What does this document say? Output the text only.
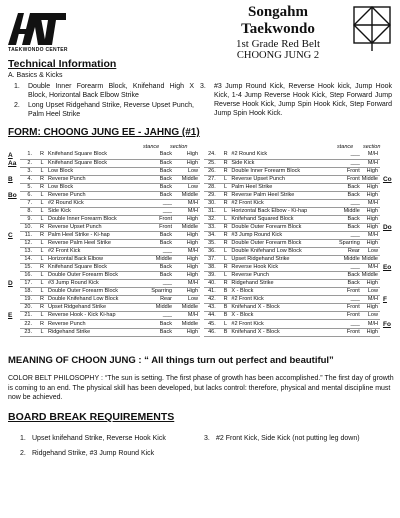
TAEKWONDO CENTER
Songahm Taekwondo
1st Grade Red Belt
CHOONG JUNG 2
Technical Information
A. Basics & Kicks
1. Double Inner Forearm Block, Knifehand High X Block, Horizontal Back Elbow Strike
2. Long Upset Ridgehand Strike, Reverse Upset Punch, Palm Heel Strike
3. #3 Jump Round Kick, Reverse Hook kick, Jump Hook Kick, 1-4 Jump Reverse Hook Kick, Step Forward Jump Reverse Hook Kick, Jump Spin Hook Kick, Step Forward Jump Spin Hook Kick.
FORM: CHOONG JUNG EE - JAHNG (#1)
stance section	stance section
A	1.	R	Knifehand Square Block	Back	High
Aa	2.	L	Knifehand Square Block	Back	High
	3.	L	Low Block	Back	Low
B	4.	R	Reverse Punch	Back	Middle
	5.	R	Low Block	Back	Low
Bo	6.	L	Reverse Punch	Back	Middle
	7.	L	#2 Round Kick	___	M/H
	8.	L	Side Kick	___	M/H
	9.	L	Double Inner Forearm Block	Front	High
	10.	R	Reverse Upset Punch	Front	Middle
C	11.	R	Palm Heel Strike - Ki-hap	Back	High
	12.	L	Reverse Palm Heel Strike	Back	High
	13.	L	#2 Front Kick	___	M/H
	14.	L	Horizontal Back Elbow	Middle	High
	15.	R	Knifehand Square Block	Back	High
	16.	L	Double Outer Forearm Block	Back	High
D	17.	L	#3 Jump Round Kick	___	M/H
	18.	L	Double Outer Forearm Block	Sparring	High
	19.	R	Double Knifehand Low Block	Rear	Low
	20.	R	Upset Ridgehand Strike	Middle	Middle
E	21.	L	Reverse Hook - Kick Ki-hap	___	M/H
	22.	R	Reverse Punch	Back	Middle
	23.	L	Ridgehand Strike	Back	High
24.	R	#2 Round Kick	___	M/H	
25.	R	Side Kick	___	M/H	
26.	R	Double Inner Forearm Block	Front	High	
27.	L	Reverse Upset Punch	Front	Middle	Co
28.	L	Palm Heel Strike	Back	High	
29.	R	Reverse Palm Heel Strike	Back	High	
30.	R	#2 Front Kick	___	M/H	
31.	L	Horizontal Back Elbow - Ki-hap	Middle	High	
32.	L	Knifehand Squared Block	Back	High	
33.	R	Double Outer Forearm Block	Back	High	Do
34.	R	#3 Jump Round Kick	___	M/H	
35.	R	Double Outer Forearm Block	Sparring	High	
36.	L	Double Knifehand Low Block	Rear	Low	
37.	L	Upset Ridgehand Strike	Middle	Middle	
38.	R	Reverse Hook Kick	___	M/H	Eo
39.	L	Reverse Punch	Back	Middle	
40.	R	Ridgehand Strike	Back	High	
41.	B	X - Block	Front	Low	
42.	R	#2 Front Kick	___	M/H	F
43.	B	Knifehand X - Block	Front	High	
44.	B	X - Block	Front	Low	
45.	L	#2 Front Kick	___	M/H	Fo
46.	B	Knifehand X - Block	Front	High	
MEANING OF CHOON JUNG : “ All things turn out perfect and beautiful”
COLOR BELT PHILOSOPHY : “The sun is setting. The first phase of growth has been accomplished.” The first day of growth is coming to an end. The physical skill has been developed, but lacks control: therefore, physical and mental discipline must now be achieved.
BOARD BREAK REQUIREMENTS
1. Upset knifehand Strike, Reverse Hook Kick
2. Ridgehand Strike, #3 Jump Round Kick
3. #2 Front Kick, Side Kick (not putting leg down)
